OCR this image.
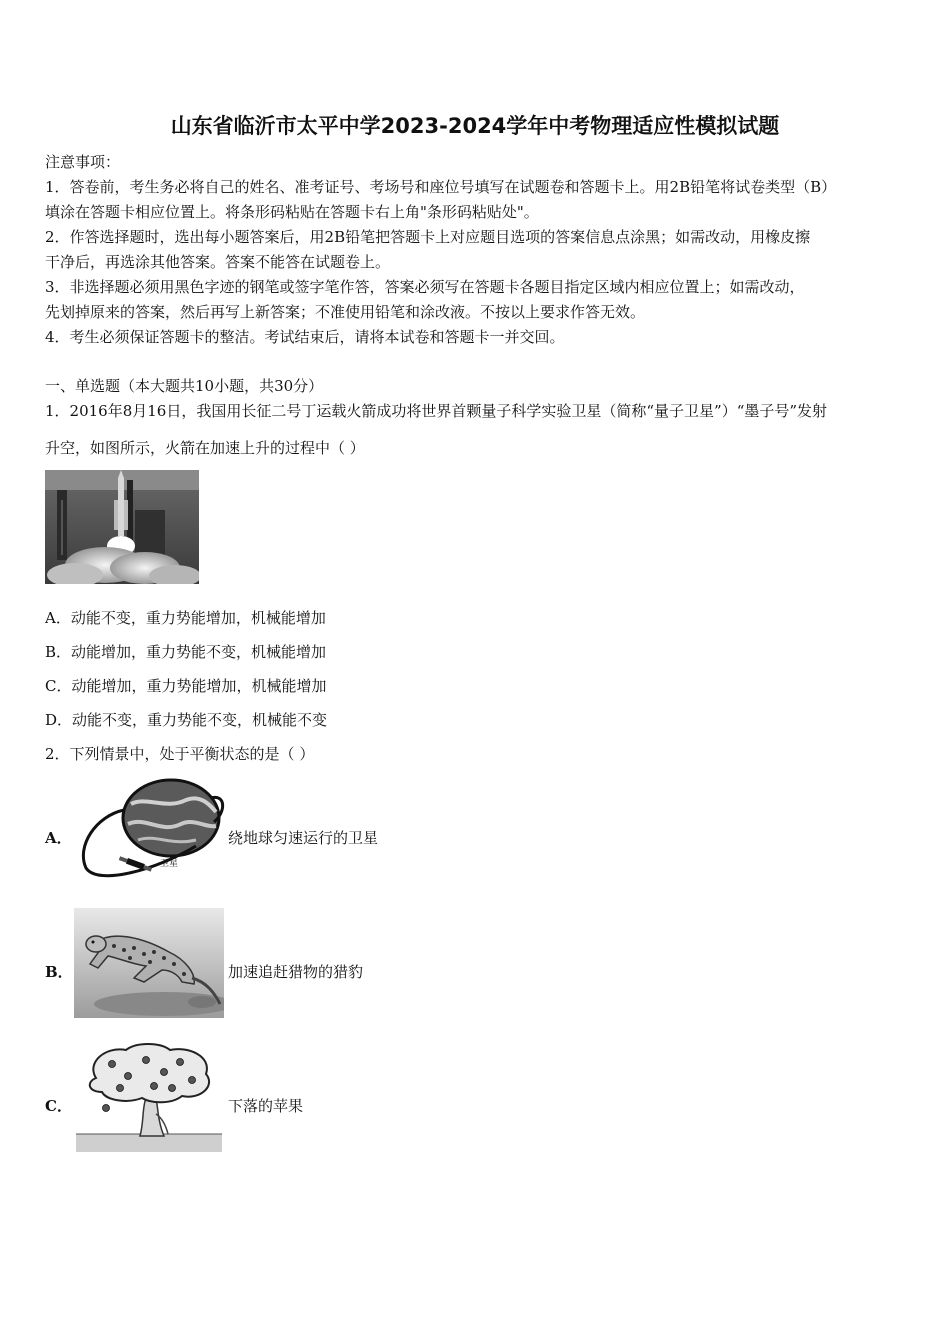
山东省临沂市太平中学2023-2024学年中考物理适应性模拟试题
注意事项：
1．答卷前，考生务必将自己的姓名、准考证号、考场号和座位号填写在试题卷和答题卡上。用2B铅笔将试卷类型（B）
填涂在答题卡相应位置上。将条形码粘贴在答题卡右上角"条形码粘贴处"。
2．作答选择题时，选出每小题答案后，用2B铅笔把答题卡上对应题目选项的答案信息点涂黑；如需改动，用橡皮擦
干净后，再选涂其他答案。答案不能答在试题卷上。
3．非选择题必须用黑色字迹的钢笔或签字笔作答，答案必须写在答题卡各题目指定区域内相应位置上；如需改动，
先划掉原来的答案，然后再写上新答案；不准使用铅笔和涂改液。不按以上要求作答无效。
4．考生必须保证答题卡的整洁。考试结束后，请将本试卷和答题卡一并交回。
一、单选题（本大题共10小题，共30分）
1．2016年8月16日，我国用长征二号丁运载火箭成功将世界首颗量子科学实验卫星（简称“量子卫星”）“墨子号”发射
升空，如图所示，火箭在加速上升的过程中（ ）
A．动能不变，重力势能增加，机械能增加
B．动能增加，重力势能不变，机械能增加
C．动能增加，重力势能增加，机械能增加
D．动能不变，重力势能不变，机械能不变
2．下列情景中，处于平衡状态的是（ ）
A．
卫星
绕地球匀速运行的卫星
B．	加速追赶猎物的猎豹
C．	下落的苹果
